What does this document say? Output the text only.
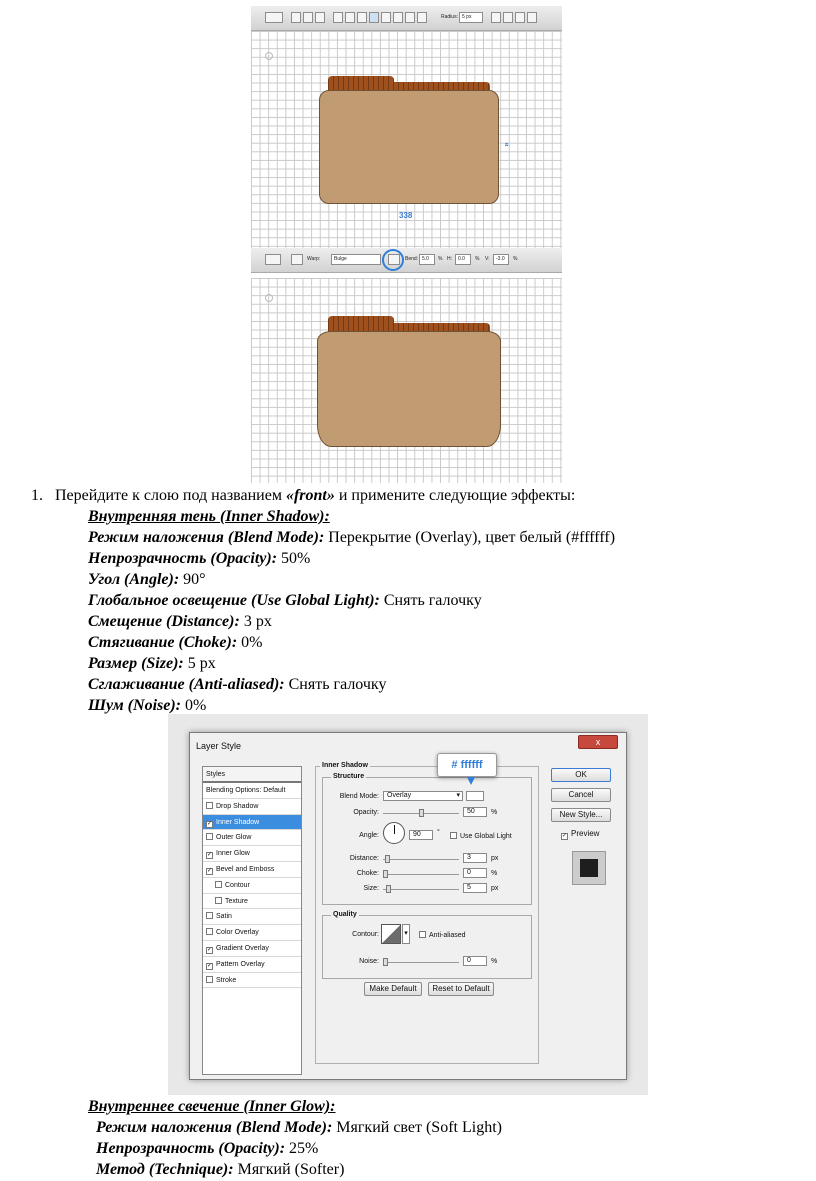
Radius: 5 px
«
338
Warp:	Bulge	Bend: 5.0	% H:	0.0	% V:	-3.0	%
1. Перейдите к слою под названием «front» и примените следующие эффекты:
Внутренняя тень (Inner Shadow):
Режим наложения (Blend Mode): Перекрытие (Overlay), цвет белый (#ffffff)
Непрозрачность (Opacity): 50%
Угол (Angle): 90°
Глобальное освещение (Use Global Light): Снять галочку
Смещение (Distance): 3 px
Стягивание (Choke): 0%
Размер (Size): 5 px
Сглаживание (Anti-aliased): Снять галочку
Шум (Noise): 0%
Layer Style	x
Styles
Blending Options: Default
Drop Shadow
✓ Inner Shadow
Outer Glow
✓ Inner Glow
✓ Bevel and Emboss
Contour
Texture
Satin
Color Overlay
✓ Gradient Overlay
✓ Pattern Overlay
Stroke
Inner Shadow
Structure
Blend Mode:	Overlay	▾
Opacity:	50	%
Angle:	90	°
Use Global Light
Distance:	3	px
Choke:	0	%
Size:	5	px
Quality
Contour:	▾	Anti-aliased
Noise:	0	%
Make Default	Reset to Default
# ffffff
OK
Cancel
New Style...
✓ Preview
Внутреннее свечение (Inner Glow):
Режим наложения (Blend Mode): Мягкий свет (Soft Light)
Непрозрачность (Opacity): 25%
Метод (Technique): Мягкий (Softer)
